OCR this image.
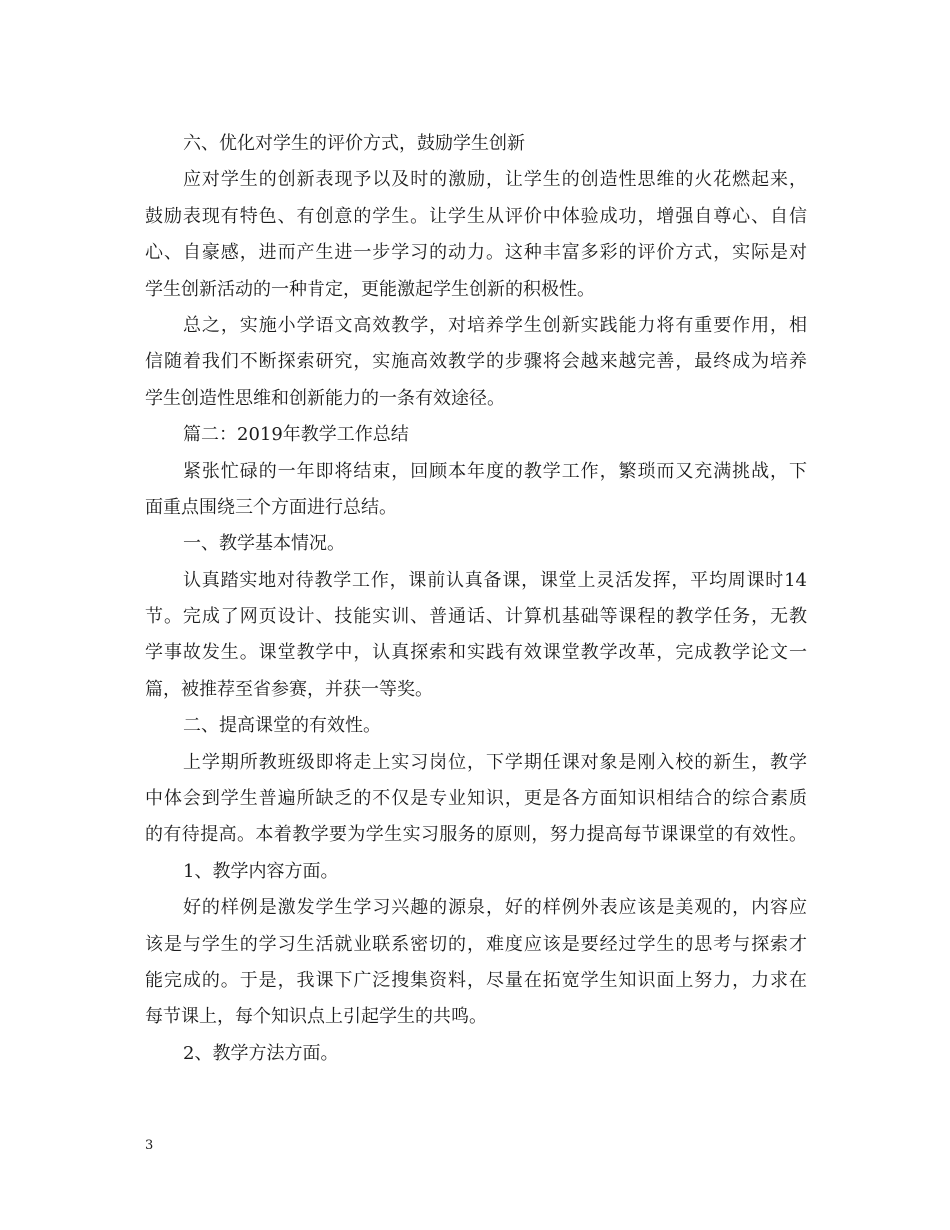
六、优化对学生的评价方式，鼓励学生创新
应对学生的创新表现予以及时的激励，让学生的创造性思维的火花燃起来，
鼓励表现有特色、有创意的学生。让学生从评价中体验成功，增强自尊心、自信
心、自豪感，进而产生进一步学习的动力。这种丰富多彩的评价方式，实际是对
学生创新活动的一种肯定，更能激起学生创新的积极性。
总之，实施小学语文高效教学，对培养学生创新实践能力将有重要作用，相
信随着我们不断探索研究，实施高效教学的步骤将会越来越完善，最终成为培养
学生创造性思维和创新能力的一条有效途径。
篇二：2019年教学工作总结
紧张忙碌的一年即将结束，回顾本年度的教学工作，繁琐而又充满挑战，下
面重点围绕三个方面进行总结。
一、教学基本情况。
认真踏实地对待教学工作，课前认真备课，课堂上灵活发挥，平均周课时14
节。完成了网页设计、技能实训、普通话、计算机基础等课程的教学任务，无教
学事故发生。课堂教学中，认真探索和实践有效课堂教学改革，完成教学论文一
篇，被推荐至省参赛，并获一等奖。
二、提高课堂的有效性。
上学期所教班级即将走上实习岗位，下学期任课对象是刚入校的新生，教学
中体会到学生普遍所缺乏的不仅是专业知识，更是各方面知识相结合的综合素质
的有待提高。本着教学要为学生实习服务的原则，努力提高每节课课堂的有效性。
1、教学内容方面。
好的样例是激发学生学习兴趣的源泉，好的样例外表应该是美观的，内容应
该是与学生的学习生活就业联系密切的，难度应该是要经过学生的思考与探索才
能完成的。于是，我课下广泛搜集资料，尽量在拓宽学生知识面上努力，力求在
每节课上，每个知识点上引起学生的共鸣。
2、教学方法方面。
3
